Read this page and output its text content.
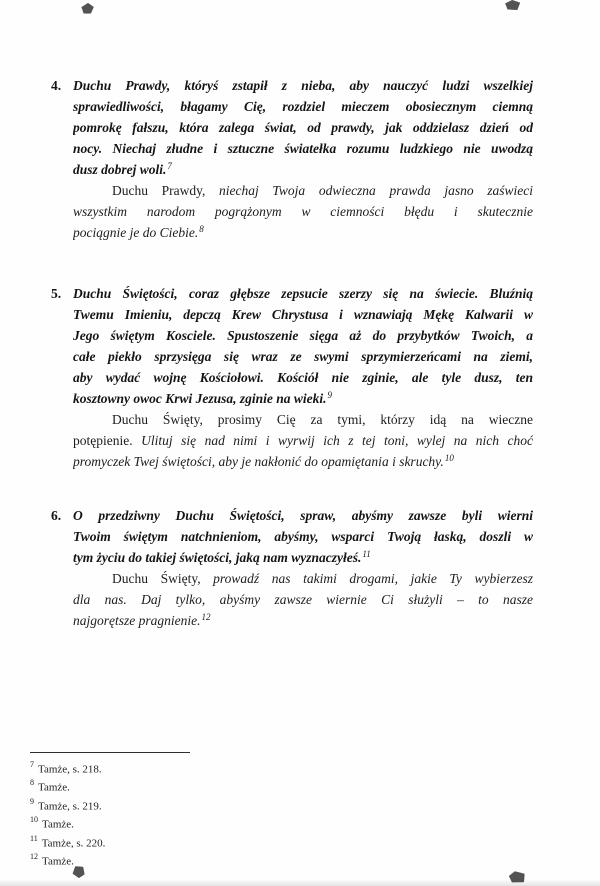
4. Duchu Prawdy, któryś zstapił z nieba, aby nauczyć ludzi wszelkiej
sprawiedliwości, błagamy Cię, rozdziel mieczem obosiecznym ciemną
pomrokę fałszu, która zalega świat, od prawdy, jak oddzielasz dzień od
nocy. Niechaj złudne i sztuczne światełka rozumu ludzkiego nie uwodzą
dusz dobrej woli.$^7$
Duchu Prawdy, niechaj Twoja odwieczna prawda jasno zaświeci
wszystkim narodom pogrążonym w ciemności błędu i skutecznie
pociągnie je do Ciebie.$^8$
5. Duchu Świętości, coraz głębsze zepsucie szerzy się na świecie. Bluźnią
Twemu Imieniu, depczą Krew Chrystusa i wznawiają Mękę Kalwarii w
Jego świętym Kosciele. Spustoszenie sięga aż do przybytków Twoich, a
całe piekło sprzysięga się wraz ze swymi sprzymierzeńcami na ziemi,
aby wydać wojnę Kościołowi. Kościół nie zginie, ale tyle dusz, ten
kosztowny owoc Krwi Jezusa, zginie na wieki.$^9$
Duchu Święty, prosimy Cię za tymi, którzy idą na wieczne
potępienie. Ulituj się nad nimi i wyrwij ich z tej toni, wylej na nich choć
promyczek Twej świętości, aby je nakłonić do opamiętania i skruchy.$^{10}$
6. O przedziwny Duchu Świętości, spraw, abyśmy zawsze byli wierni
Twoim świętym natchnieniom, abyśmy, wsparci Twoją łaską, doszli w
tym życiu do takiej świętości, jaką nam wyznaczyłeś.$^{11}$
Duchu Święty, prowadź nas takimi drogami, jakie Ty wybierzesz
dla nas. Daj tylko, abyśmy zawsze wiernie Ci służyli – to nasze
najgorętsze pragnienie.$^{12}$
$^7$ Tamże, s. 218.
$^8$ Tamże.
$^9$ Tamże, s. 219.
$^{10}$ Tamże.
$^{11}$ Tamże, s. 220.
$^{12}$ Tamże.
